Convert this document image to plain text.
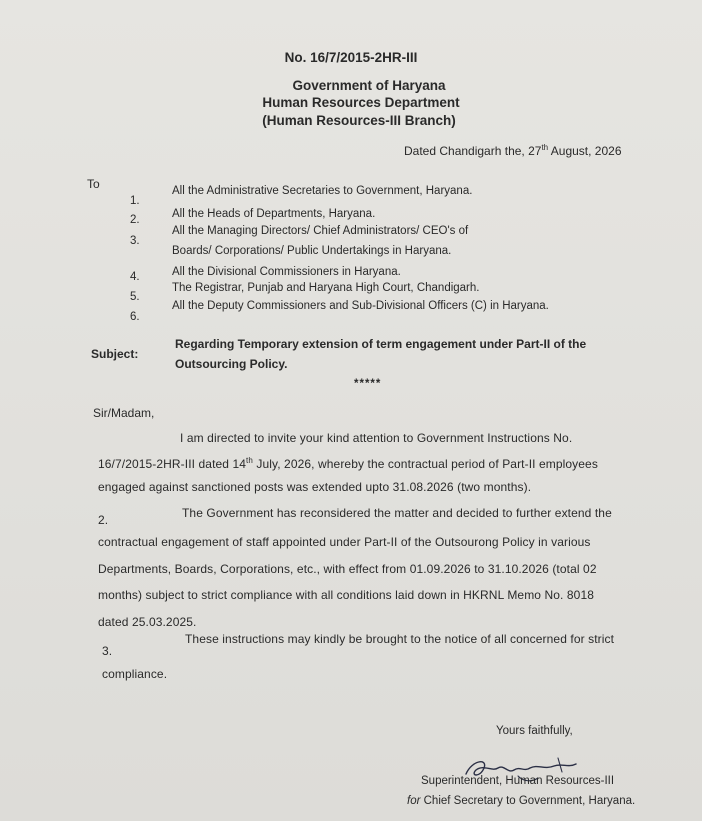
No. 16/7/2015-2HR-III
Government of Haryana
Human Resources Department
(Human Resources-III Branch)
Dated Chandigarh the, 27th August, 2026
To
1.
All the Administrative Secretaries to Government, Haryana.
2.	All the Heads of Departments, Haryana.
3.
All the Managing Directors/ Chief Administrators/ CEO's of
Boards/ Corporations/ Public Undertakings in Haryana.
4.	All the Divisional Commissioners in Haryana.
5.
The Registrar, Punjab and Haryana High Court, Chandigarh.
6.
All the Deputy Commissioners and Sub-Divisional Officers (C) in Haryana.
Subject:
Regarding Temporary extension of term engagement under Part-II of the
Outsourcing Policy.
*****
Sir/Madam,
I am directed to invite your kind attention to Government Instructions No.
16/7/2015-2HR-III dated 14th July, 2026, whereby the contractual period of Part-II employees
engaged against sanctioned posts was extended upto 31.08.2026 (two months).
2.	The Government has reconsidered the matter and decided to further extend the
contractual engagement of staff appointed under Part-II of the Outsourong Policy in various
Departments, Boards, Corporations, etc., with effect from 01.09.2026 to 31.10.2026 (total 02
months) subject to strict compliance with all conditions laid down in HKRNL Memo No. 8018
dated 25.03.2025.
3.
These instructions may kindly be brought to the notice of all concerned for strict
compliance.
Yours faithfully,
Superintendent, Human Resources-III
for Chief Secretary to Government, Haryana.
